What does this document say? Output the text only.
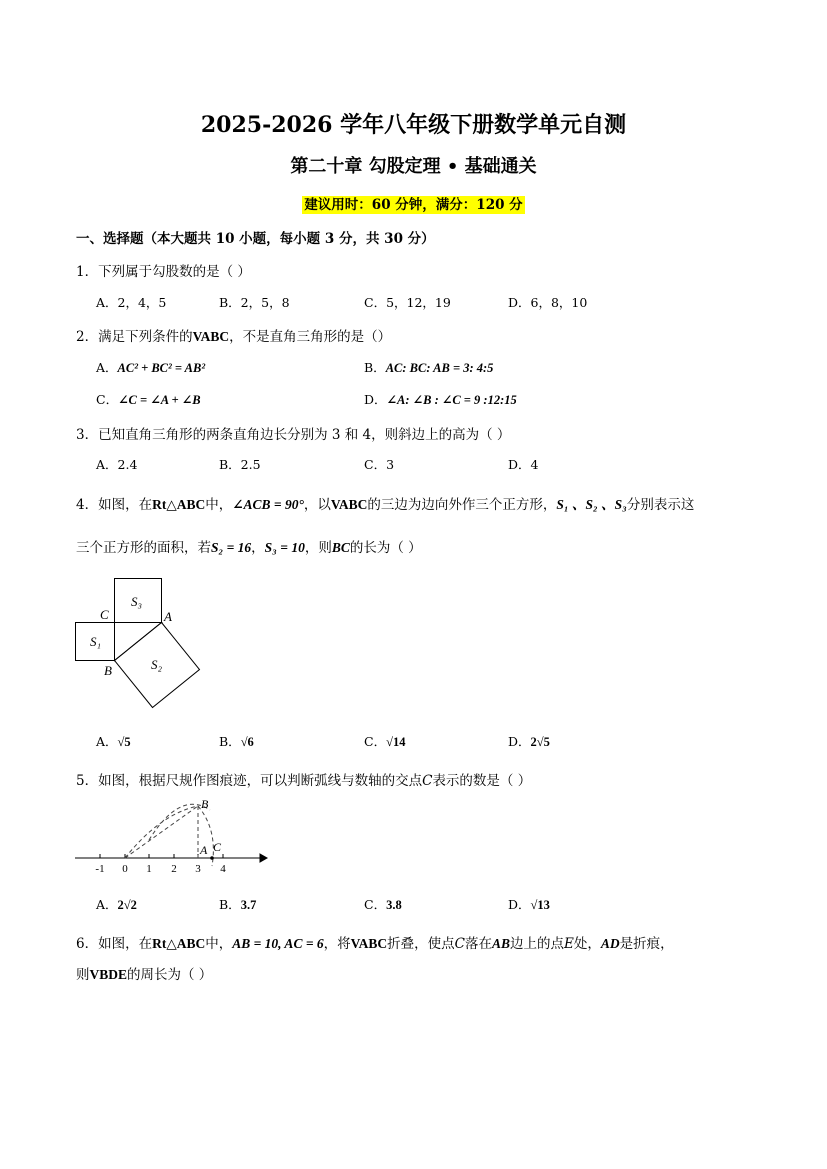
2025-2026 学年八年级下册数学单元自测
第二十章 勾股定理 • 基础通关
建议用时：60 分钟，满分：120 分
一、选择题（本大题共 10 小题，每小题 3 分，共 30 分）
1．下列属于勾股数的是（ ）
A．2，4，5	B．2，5，8	C．5，12，19	D．6，8，10
2．满足下列条件的VABC，不是直角三角形的是（）
A．AC² + BC² = AB²	B．AC: BC: AB = 3: 4:5
C．∠C = ∠A + ∠B	D．∠A: ∠B : ∠C = 9 :12:15
3．已知直角三角形的两条直角边长分别为 3 和 4，则斜边上的高为（ ）
A．2.4	B．2.5	C．3	D．4
4．如图，在Rt△ABC中，∠ACB = 90°，以VABC的三边为边向外作三个正方形，S₁ 、S₂ 、S₃分别表示这
三个正方形的面积，若S₂ = 16，S₃ = 10，则BC的长为（ ）
S₃
S₁
S₂
C	A
B
A．√5	B．√6	C．√14	D．2√5
5．如图，根据尺规作图痕迹，可以判断弧线与数轴的交点C表示的数是（ ）
-1 0 1 2 3 4
B
A C
A．2√2	B．3.7	C．3.8	D．√13
6．如图，在Rt△ABC中，AB = 10, AC = 6，将VABC折叠，使点C落在AB边上的点E处，AD是折痕，
则VBDE的周长为（ ）
